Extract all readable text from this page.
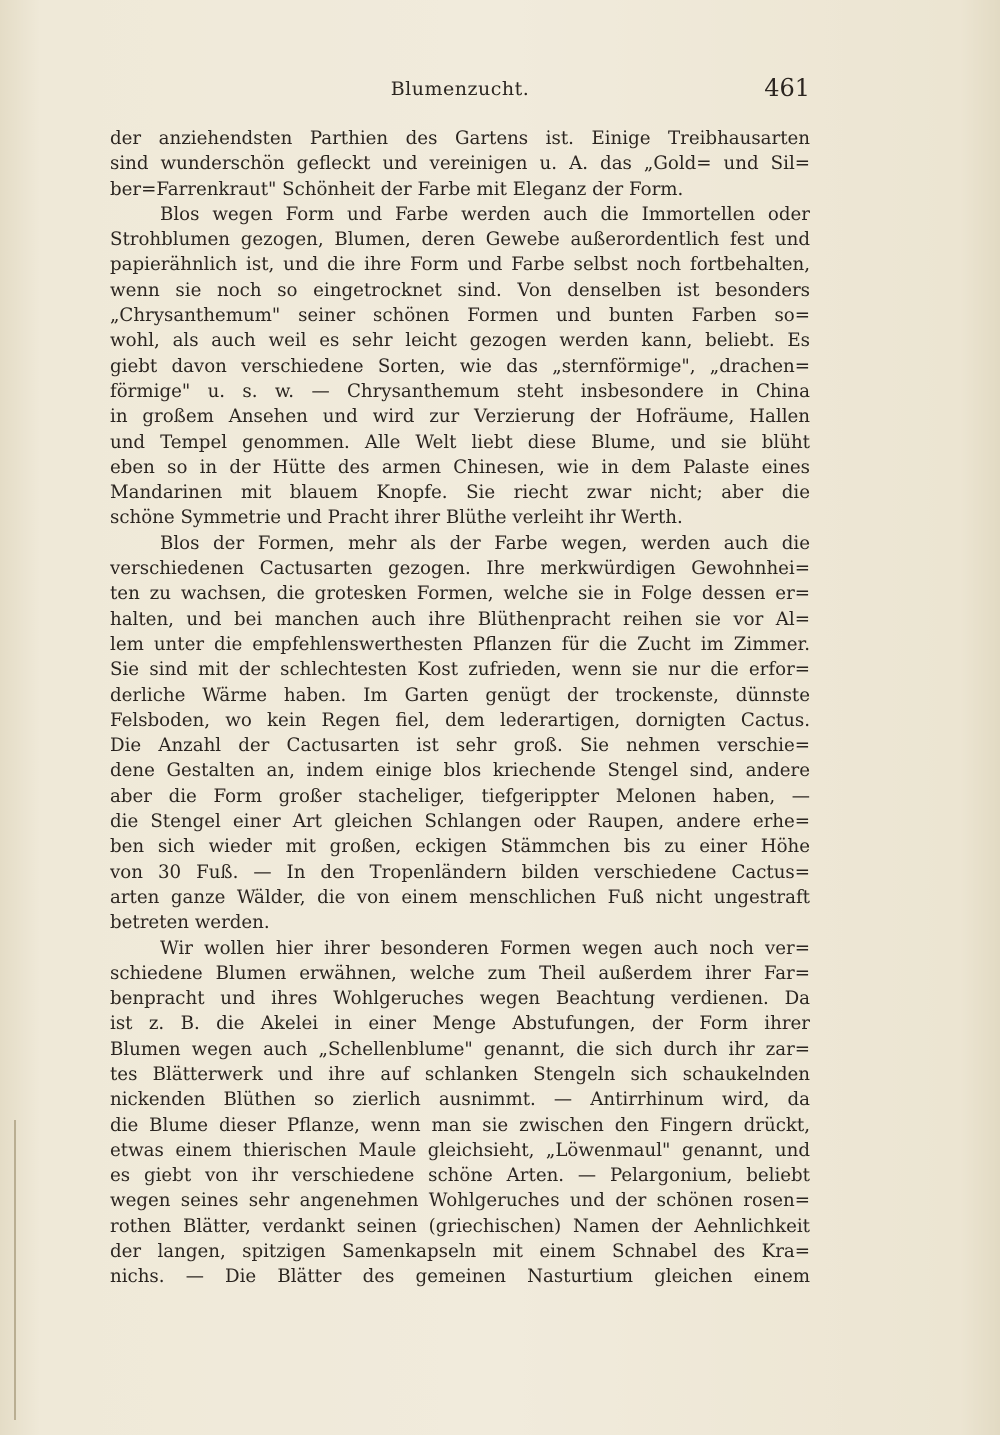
Blumenzucht.	461
der anziehendsten Parthien des Gartens ist. Einige Treibhausarten
sind wunderschön gefleckt und vereinigen u. A. das „Gold= und Sil=
ber=Farrenkraut" Schönheit der Farbe mit Eleganz der Form.
Blos wegen Form und Farbe werden auch die Immortellen oder
Strohblumen gezogen, Blumen, deren Gewebe außerordentlich fest und
papierähnlich ist, und die ihre Form und Farbe selbst noch fortbehalten,
wenn sie noch so eingetrocknet sind. Von denselben ist besonders
„Chrysanthemum" seiner schönen Formen und bunten Farben so=
wohl, als auch weil es sehr leicht gezogen werden kann, beliebt. Es
giebt davon verschiedene Sorten, wie das „sternförmige", „drachen=
förmige" u. s. w. — Chrysanthemum steht insbesondere in China
in großem Ansehen und wird zur Verzierung der Hofräume, Hallen
und Tempel genommen. Alle Welt liebt diese Blume, und sie blüht
eben so in der Hütte des armen Chinesen, wie in dem Palaste eines
Mandarinen mit blauem Knopfe. Sie riecht zwar nicht; aber die
schöne Symmetrie und Pracht ihrer Blüthe verleiht ihr Werth.
Blos der Formen, mehr als der Farbe wegen, werden auch die
verschiedenen Cactusarten gezogen. Ihre merkwürdigen Gewohnhei=
ten zu wachsen, die grotesken Formen, welche sie in Folge dessen er=
halten, und bei manchen auch ihre Blüthenpracht reihen sie vor Al=
lem unter die empfehlenswerthesten Pflanzen für die Zucht im Zimmer.
Sie sind mit der schlechtesten Kost zufrieden, wenn sie nur die erfor=
derliche Wärme haben. Im Garten genügt der trockenste, dünnste
Felsboden, wo kein Regen fiel, dem lederartigen, dornigten Cactus.
Die Anzahl der Cactusarten ist sehr groß. Sie nehmen verschie=
dene Gestalten an, indem einige blos kriechende Stengel sind, andere
aber die Form großer stacheliger, tiefgerippter Melonen haben, —
die Stengel einer Art gleichen Schlangen oder Raupen, andere erhe=
ben sich wieder mit großen, eckigen Stämmchen bis zu einer Höhe
von 30 Fuß. — In den Tropenländern bilden verschiedene Cactus=
arten ganze Wälder, die von einem menschlichen Fuß nicht ungestraft
betreten werden.
Wir wollen hier ihrer besonderen Formen wegen auch noch ver=
schiedene Blumen erwähnen, welche zum Theil außerdem ihrer Far=
benpracht und ihres Wohlgeruches wegen Beachtung verdienen. Da
ist z. B. die Akelei in einer Menge Abstufungen, der Form ihrer
Blumen wegen auch „Schellenblume" genannt, die sich durch ihr zar=
tes Blätterwerk und ihre auf schlanken Stengeln sich schaukelnden
nickenden Blüthen so zierlich ausnimmt. — Antirrhinum wird, da
die Blume dieser Pflanze, wenn man sie zwischen den Fingern drückt,
etwas einem thierischen Maule gleichsieht, „Löwenmaul" genannt, und
es giebt von ihr verschiedene schöne Arten. — Pelargonium, beliebt
wegen seines sehr angenehmen Wohlgeruches und der schönen rosen=
rothen Blätter, verdankt seinen (griechischen) Namen der Aehnlichkeit
der langen, spitzigen Samenkapseln mit einem Schnabel des Kra=
nichs. — Die Blätter des gemeinen Nasturtium gleichen einem
